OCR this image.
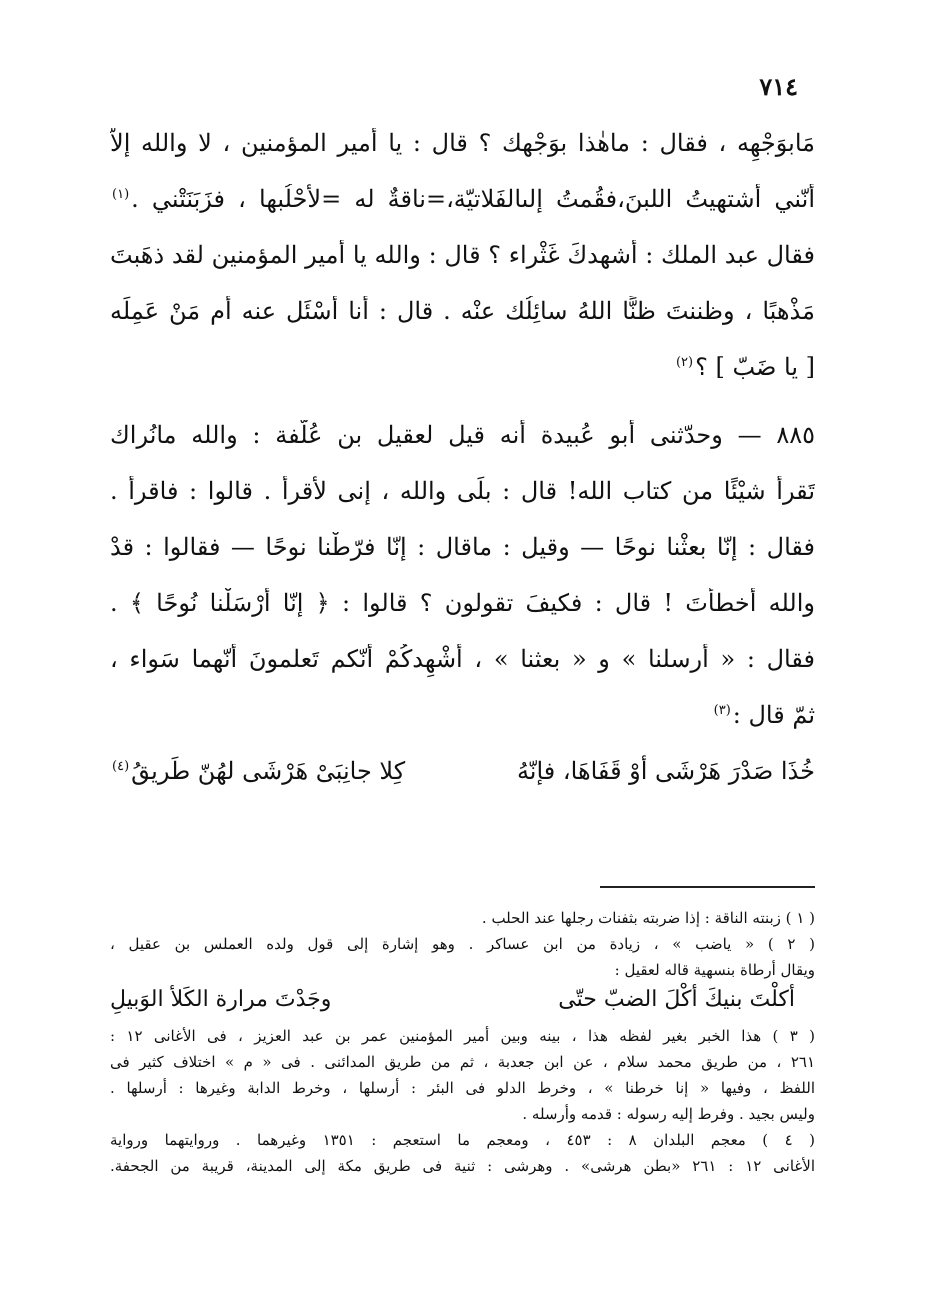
٧١٤
مَابوَجْهِه ، فقال : ماهٰذا بوَجْهك ؟ قال : يا أمير المؤمنين ، لا والله إلاّ
أنّني أشتهيتُ اللبنَ،فقُمتُ إلىالفَلاتيّة،=ناقةٌ له =لأَحْلُبها ، فزَبَنَتْني .$^{(١)}$
فقال عبد الملك : أشهدكَ غَثْراء ؟ قال : والله يا أمير المؤمنين لقد ذهَبتَ
مَذْهبًا ، وظننتَ ظنًّا اللهُ سائِلُك عنْه . قال : أنا أُسْئَل عنه أم مَنْ عَمِلَه
[ يا ضَبّ ] ؟$^{(٢)}$
٨٨٥ — وحدّثنى أبو عُبيدة أنه قيل لعقيل بن عُلّفة : والله مانُراك
تَقرأُ شيْئًا من كتاب الله! قال : بلَى والله ، إنى لأقرأ . قالوا : فاقرأ .
فقال : إنّا بعثْنا نوحًا — وقيل : ماقال : إنّا فرّطْنا نوحًا — فقالوا : قدْ
والله أخطأتَ ! قال : فكيفَ تقولون ؟ قالوا : ﴿ إنّا أرْسَلْنا نُوحًا ﴾ .
فقال : « أرسلنا » و « بعثنا » ، أُشْهِدكُمْ أنّكم تَعلمونَ أنّهما سَواء ،
ثمّ قال :$^{(٣)}$
خُذَا صَدْرَ هَرْشَى أوْ قَفَاهَا، فإنّهُ
كِلا جانِبَىْ هَرْشَى لهُنّ طَريقُ$^{(٤)}$
( ١ ) زبنته الناقة : إذا ضربته بثفنات رجلها عند الحلب .
( ٢ ) « ياضب » ، زيادة من ابن عساكر . وهو إشارة إلى قول ولده العملس بن عقيل ،
ويقال أرطاة بنسهية قاله لعقيل :
أكلْتَ بنيكَ أكْلَ الضبّ حتّى
وجَدْتَ مرارة الكَلأ الوَبيلِ
( ٣ ) هذا الخبر بغير لفظه هذا ، بينه وبين أمير المؤمنين عمر بن عبد العزيز ، فى الأغانى ١٢ :
٢٦١ ، من طريق محمد سلام ، عن ابن جعدبة ، ثم من طريق المدائنى . فى « م » اختلاف كثير فى
اللفظ ، وفيها « إنا خرطنا » ، وخرط الدلو فى البئر : أرسلها ، وخرط الدابة وغيرها : أرسلها .
وليس بجيد . وفرط إليه رسوله : قدمه وأرسله .
( ٤ ) معجم البلدان ٨ : ٤٥٣ ، ومعجم ما استعجم : ١٣٥١ وغيرهما . وروايتهما ورواية
الأغانى ١٢ : ٢٦١ «بطن هرشى» . وهرشى : ثنية فى طريق مكة إلى المدينة، قريبة من الجحفة.
